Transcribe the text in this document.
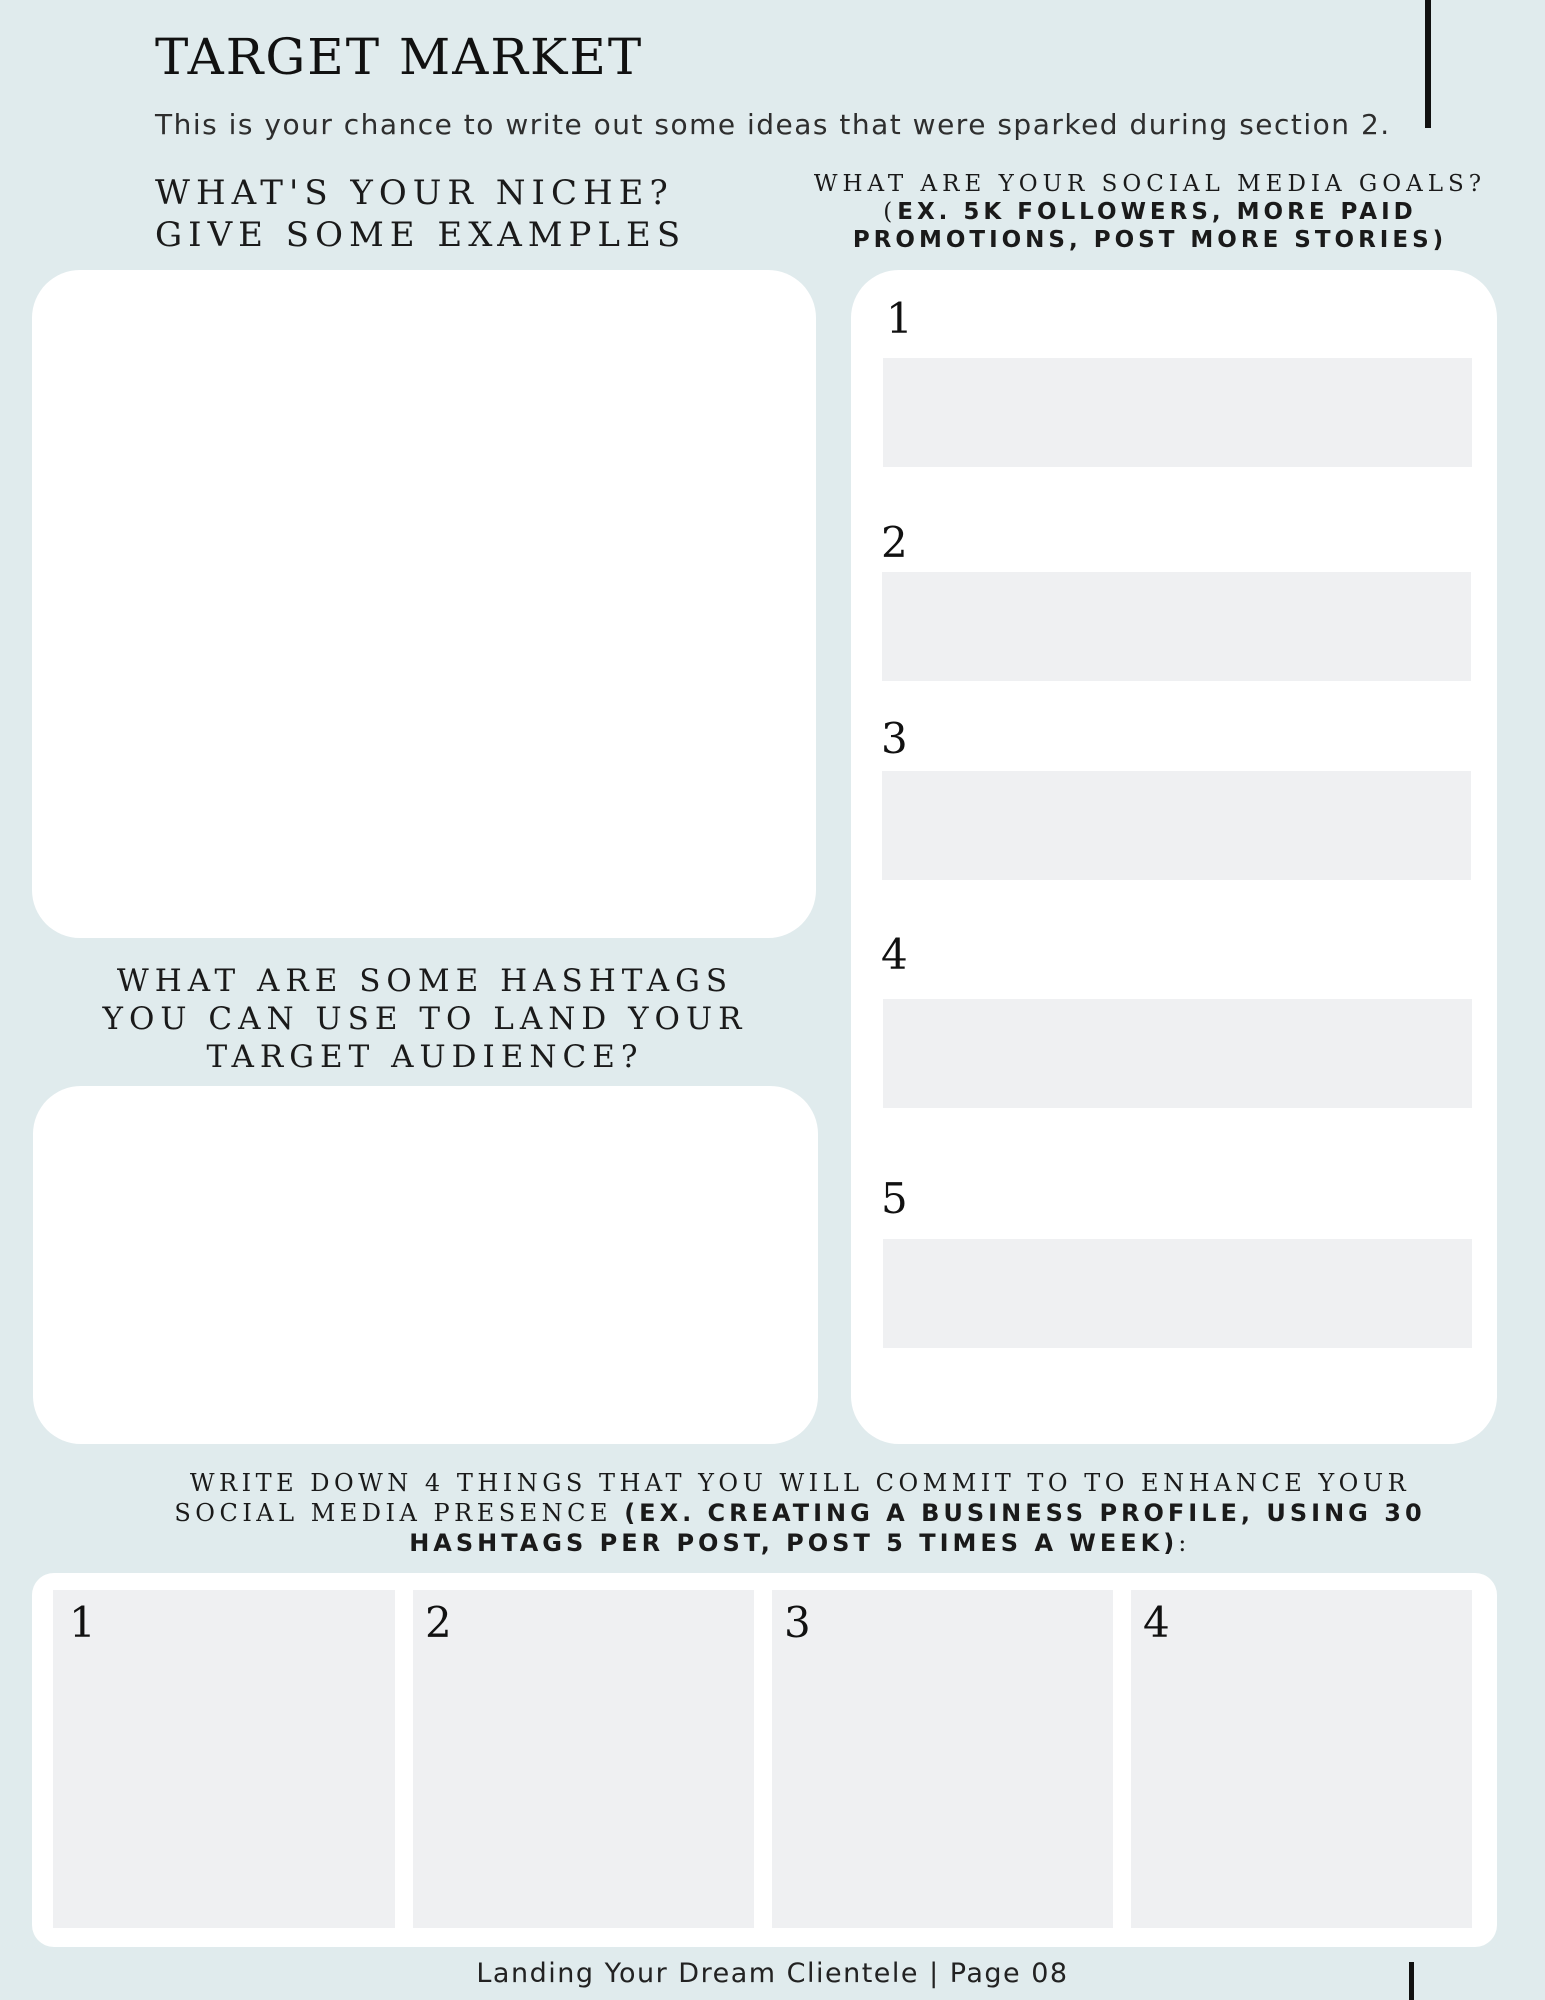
TARGET MARKET
This is your chance to write out some ideas that were sparked during section 2.
WHAT'S YOUR NICHE?GIVE SOME EXAMPLES
WHAT ARE YOUR SOCIAL MEDIA GOALS? (EX. 5K FOLLOWERS, MORE PAID PROMOTIONS, POST MORE STORIES)
1
2
3
4
5
WHAT ARE SOME HASHTAGS YOU CAN USE TO LAND YOUR TARGET AUDIENCE?
WRITE DOWN 4 THINGS THAT YOU WILL COMMIT TO TO ENHANCE YOUR SOCIAL MEDIA PRESENCE (EX. CREATING A BUSINESS PROFILE, USING 30 HASHTAGS PER POST, POST 5 TIMES A WEEK):
1	2	3	4
Landing Your Dream Clientele | Page 08
